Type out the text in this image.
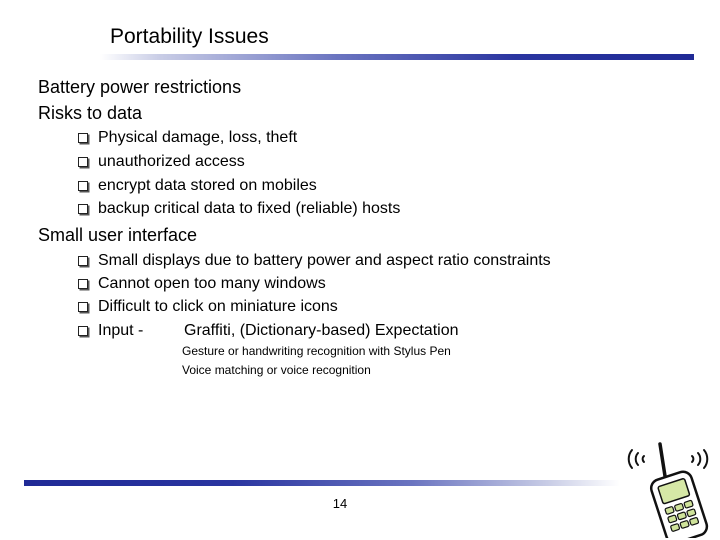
Portability Issues
Battery power restrictions
Risks to data
Physical damage, loss, theft
unauthorized access
encrypt data stored on mobiles
backup critical data to fixed (reliable) hosts
Small user interface
Small displays due to battery power and aspect ratio constraints
Cannot open too many windows
Difficult to click on miniature icons
Input -	Graffiti, (Dictionary-based) Expectation
Gesture or handwriting recognition with Stylus Pen
Voice matching or voice recognition
14
